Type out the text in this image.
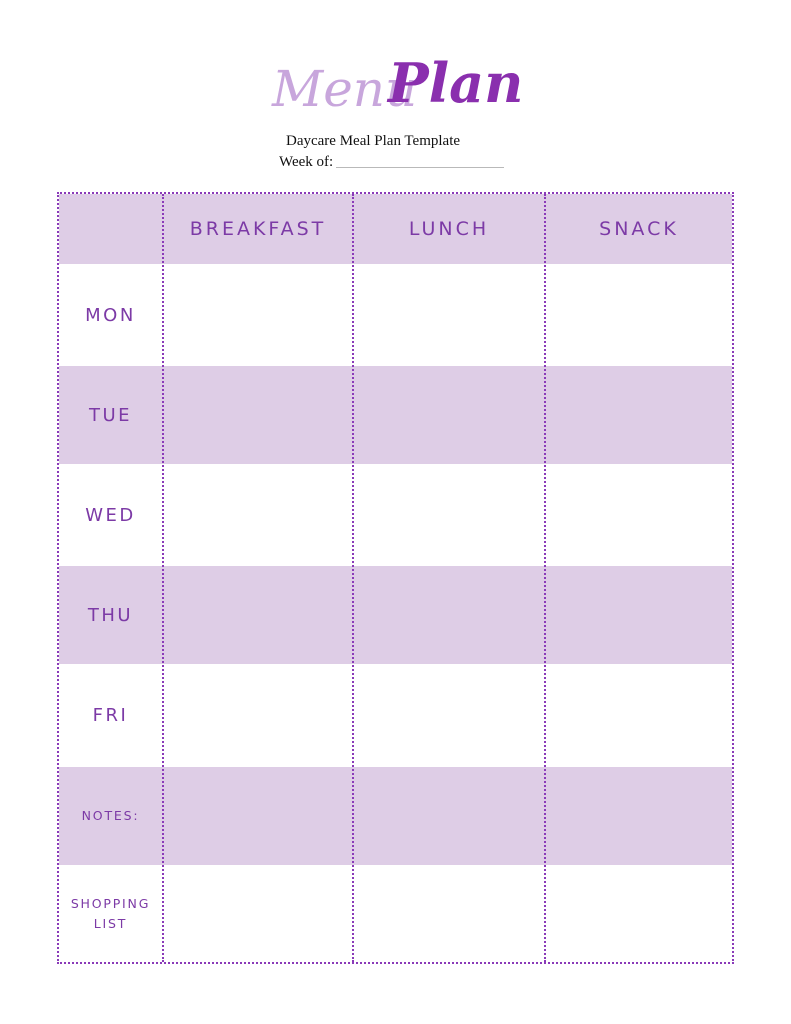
Menu
Plan
Daycare Meal Plan Template
Week of:
BREAKFAST	LUNCH	SNACK
MON
TUE
WED
THU
FRI
NOTES:
SHOPPING
LIST
